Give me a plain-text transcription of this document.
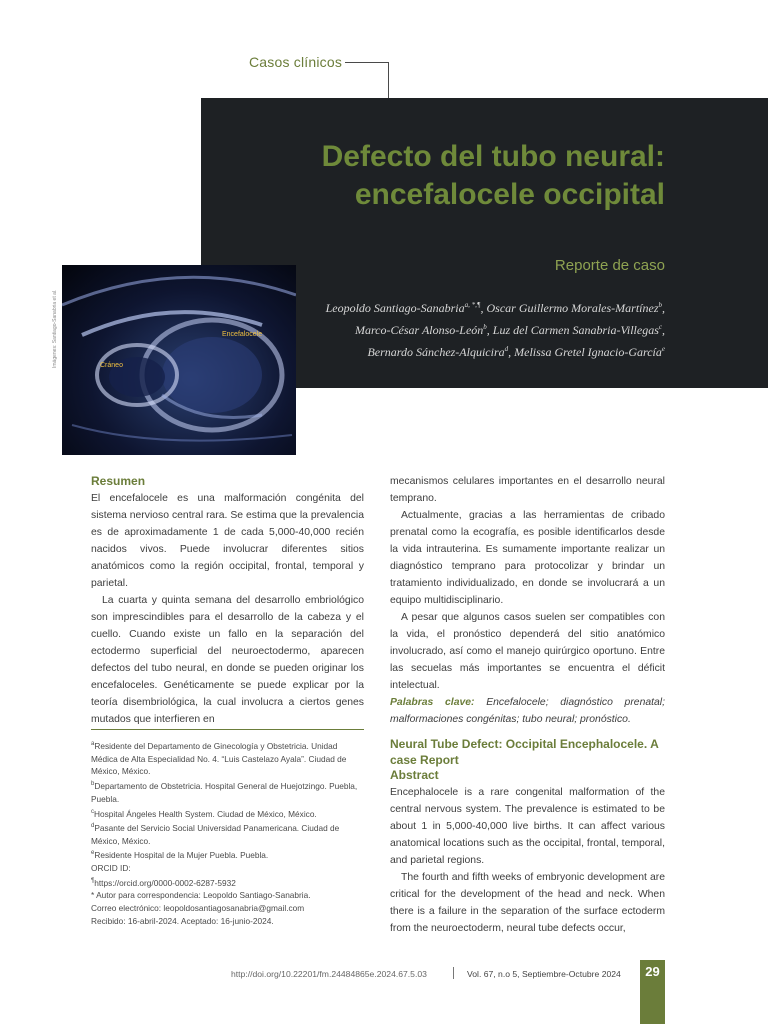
Casos clínicos
Defecto del tubo neural:
encefalocele occipital
Reporte de caso
Leopoldo Santiago-Sanabria$^{a, *,\P}$, Oscar Guillermo Morales-Martínez$^b$,
Marco-César Alonso-León$^b$, Luz del Carmen Sanabria-Villegas$^c$,
Bernardo Sánchez-Alquicira$^d$, Melissa Gretel Ignacio-García$^e$
Cráneo
Encefalocele
Imágenes: Santiago-Sanabria et al.
Resumen

El encefalocele es una malformación congénita del sistema nervioso central rara. Se estima que la prevalencia es de aproximadamente 1 de cada 5,000-40,000 recién nacidos vivos. Puede involucrar diferentes sitios anatómicos como la región occipital, frontal, temporal y parietal.

La cuarta y quinta semana del desarrollo embriológico son imprescindibles para el desarrollo de la cabeza y el cuello. Cuando existe un fallo en la separación del ectodermo superficial del neuroectodermo, aparecen defectos del tubo neural, en donde se pueden originar los encefaloceles. Genéticamente se puede explicar por la teoría disembriológica, la cual involucra a ciertos genes mutados que interfieren en

mecanismos celulares importantes en el desarrollo neural temprano.

Actualmente, gracias a las herramientas de cribado prenatal como la ecografía, es posible identificarlos desde la vida intrauterina. Es sumamente importante realizar un diagnóstico temprano para protocolizar y brindar un tratamiento individualizado, en donde se involucrará a un equipo multidisciplinario.

A pesar que algunos casos suelen ser compatibles con la vida, el pronóstico dependerá del sitio anatómico involucrado, así como el manejo quirúrgico oportuno. Entre las secuelas más importantes se encuentra el déficit intelectual.

Palabras clave: Encefalocele; diagnóstico prenatal; malformaciones congénitas; tubo neural; pronóstico.

$^a$Residente del Departamento de Ginecología y Obstetricia. Unidad Médica de Alta Especialidad No. 4. “Luis Castelazo Ayala”. Ciudad de México, México.
$^b$Departamento de Obstetricia. Hospital General de Huejotzingo. Puebla, Puebla.
$^c$Hospital Ángeles Health System. Ciudad de México, México.
$^d$Pasante del Servicio Social Universidad Panamericana. Ciudad de México, México.
$^e$Residente Hospital de la Mujer Puebla. Puebla.
ORCID ID:
¶https://orcid.org/0000-0002-6287-5932
* Autor para correspondencia: Leopoldo Santiago-Sanabria.
Correo electrónico: leopoldosantiagosanabria@gmail.com
Recibido: 16-abril-2024. Aceptado: 16-junio-2024.
Neural Tube Defect: Occipital Encephalocele. A case Report
Abstract

Encephalocele is a rare congenital malformation of the central nervous system. The prevalence is estimated to be about 1 in 5,000-40,000 live births. It can affect various anatomical locations such as the occipital, frontal, temporal, and parietal regions.

The fourth and fifth weeks of embryonic development are critical for the development of the head and neck. When there is a failure in the separation of the surface ectoderm from the neuroectoderm, neural tube defects occur,

http://doi.org/10.22201/fm.24484865e.2024.67.5.03	Vol. 67, n.o 5, Septiembre-Octubre 2024	29
